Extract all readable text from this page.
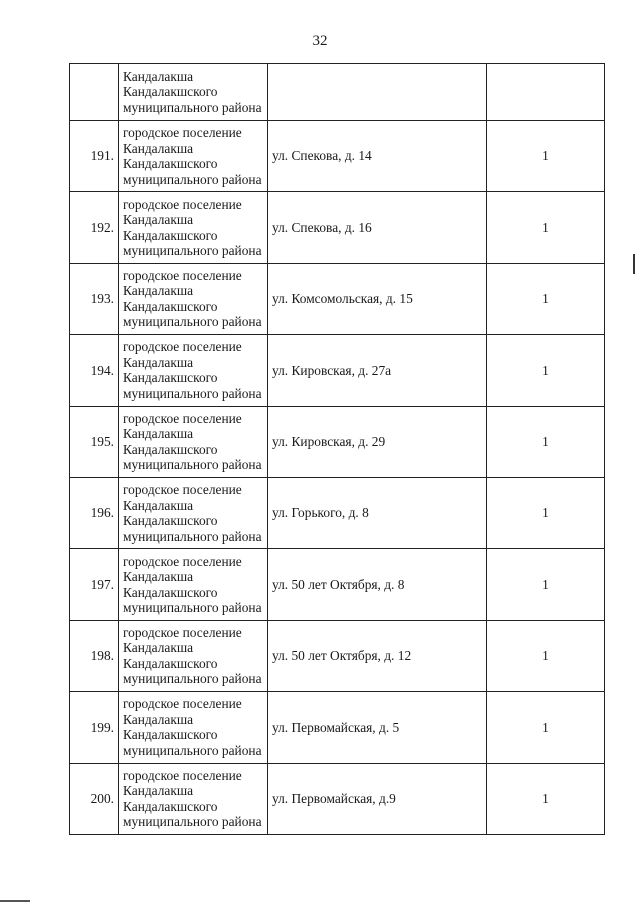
32
	Кандалакша Кандалакшского муниципального района		
191.	городское поселение Кандалакша Кандалакшского муниципального района	ул. Спекова, д. 14	1
192.	городское поселение Кандалакша Кандалакшского муниципального района	ул. Спекова, д. 16	1
193.	городское поселение Кандалакша Кандалакшского муниципального района	ул. Комсомольская, д. 15	1
194.	городское поселение Кандалакша Кандалакшского муниципального района	ул. Кировская, д. 27а	1
195.	городское поселение Кандалакша Кандалакшского муниципального района	ул. Кировская, д. 29	1
196.	городское поселение Кандалакша Кандалакшского муниципального района	ул. Горького, д. 8	1
197.	городское поселение Кандалакша Кандалакшского муниципального района	ул. 50 лет Октября, д. 8	1
198.	городское поселение Кандалакша Кандалакшского муниципального района	ул. 50 лет Октября, д. 12	1
199.	городское поселение Кандалакша Кандалакшского муниципального района	ул. Первомайская, д. 5	1
200.	городское поселение Кандалакша Кандалакшского муниципального района	ул. Первомайская, д.9	1
